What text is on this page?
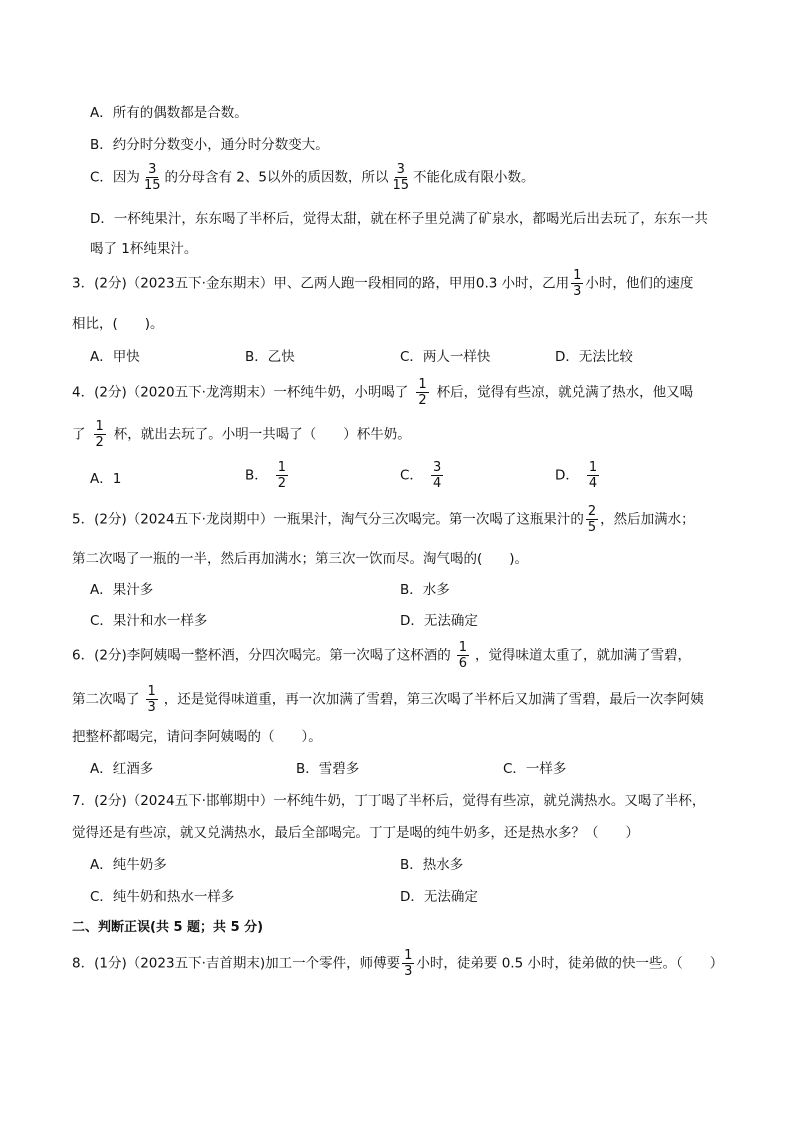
A．所有的偶数都是合数。
B．约分时分数变小，通分时分数变大。
C．因为 $\frac{3}{15}$ 的分母含有 2、5以外的质因数，所以 $\frac{3}{15}$ 不能化成有限小数。
D．一杯纯果汁，东东喝了半杯后，觉得太甜，就在杯子里兑满了矿泉水，都喝光后出去玩了，东东一共
喝了 1杯纯果汁。
3．(2分)（2023五下·金东期末）甲、乙两人跑一段相同的路，甲用0.3 小时，乙用 $\frac{1}{3}$ 小时，他们的速度
相比，(　　)。
A．甲快	B．乙快	C．两人一样快	D．无法比较
4．(2分)（2020五下·龙湾期末）一杯纯牛奶，小明喝了 $\frac{1}{2}$ 杯后，觉得有些凉，就兑满了热水，他又喝
了 $\frac{1}{2}$ 杯，就出去玩了。小明一共喝了（　　）杯牛奶。
A．1	B． $\frac{1}{2}$	C． $\frac{3}{4}$	D． $\frac{1}{4}$
5．(2分)（2024五下·龙岗期中）一瓶果汁，淘气分三次喝完。第一次喝了这瓶果汁的 $\frac{2}{5}$ ，然后加满水；
第二次喝了一瓶的一半，然后再加满水；第三次一饮而尽。淘气喝的(　　)。
A．果汁多	B．水多
C．果汁和水一样多	D．无法确定
6．(2分)李阿姨喝一整杯酒，分四次喝完。第一次喝了这杯酒的 $\frac{1}{6}$ ，觉得味道太重了，就加满了雪碧，
第二次喝了 $\frac{1}{3}$ ，还是觉得味道重，再一次加满了雪碧，第三次喝了半杯后又加满了雪碧，最后一次李阿姨
把整杯都喝完，请问李阿姨喝的（　　）。
A．红酒多	B．雪碧多	C．一样多
7．(2分)（2024五下·邯郸期中）一杯纯牛奶，丁丁喝了半杯后，觉得有些凉，就兑满热水。又喝了半杯，
觉得还是有些凉，就又兑满热水，最后全部喝完。丁丁是喝的纯牛奶多，还是热水多？（　　）
A．纯牛奶多	B．热水多
C．纯牛奶和热水一样多	D．无法确定
二、判断正误(共 5 题；共 5 分)
8．(1分)（2023五下·吉首期末)加工一个零件，师傅要 $\frac{1}{3}$ 小时，徒弟要 0.5 小时，徒弟做的快一些。（　　）
